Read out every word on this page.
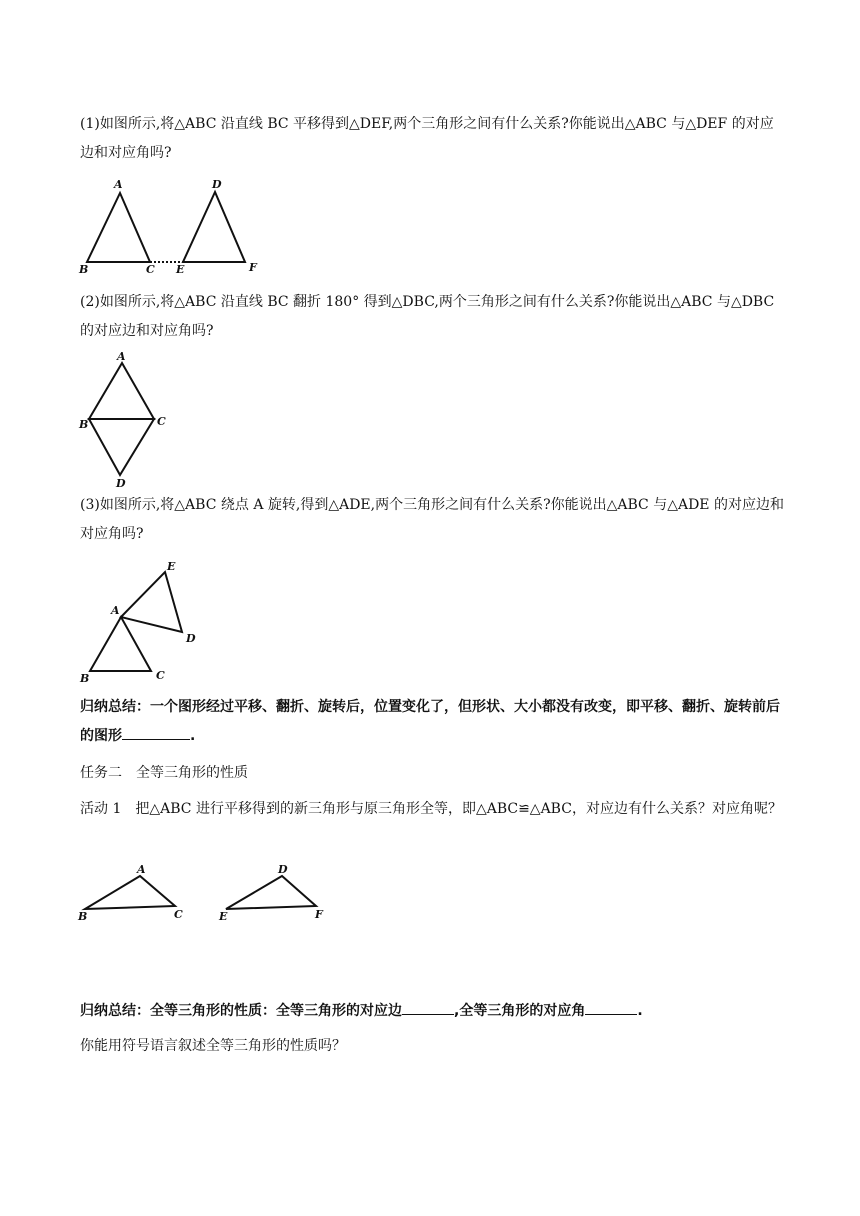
(1)如图所示,将△ABC 沿直线 BC 平移得到△DEF,两个三角形之间有什么关系?你能说出△ABC 与△DEF 的对应边和对应角吗?

A
B	C
D
E	F

(2)如图所示,将△ABC 沿直线 BC 翻折 180° 得到△DBC,两个三角形之间有什么关系?你能说出△ABC 与△DBC 的对应边和对应角吗?

A
B	C
D

(3)如图所示,将△ABC 绕点 A 旋转,得到△ADE,两个三角形之间有什么关系?你能说出△ABC 与△ADE 的对应边和对应角吗?

A
B	C
D
E

归纳总结：一个图形经过平移、翻折、旋转后，位置变化了，但形状、大小都没有改变，即平移、翻折、旋转前后的图形	.

任务二　全等三角形的性质

活动 1　把△ABC 进行平移得到的新三角形与原三角形全等，即△ABC≌△ABC，对应边有什么关系？对应角呢？

A
B	C
D
E	F

归纳总结：全等三角形的性质：全等三角形的对应边	,全等三角形的对应角	.

你能用符号语言叙述全等三角形的性质吗？
